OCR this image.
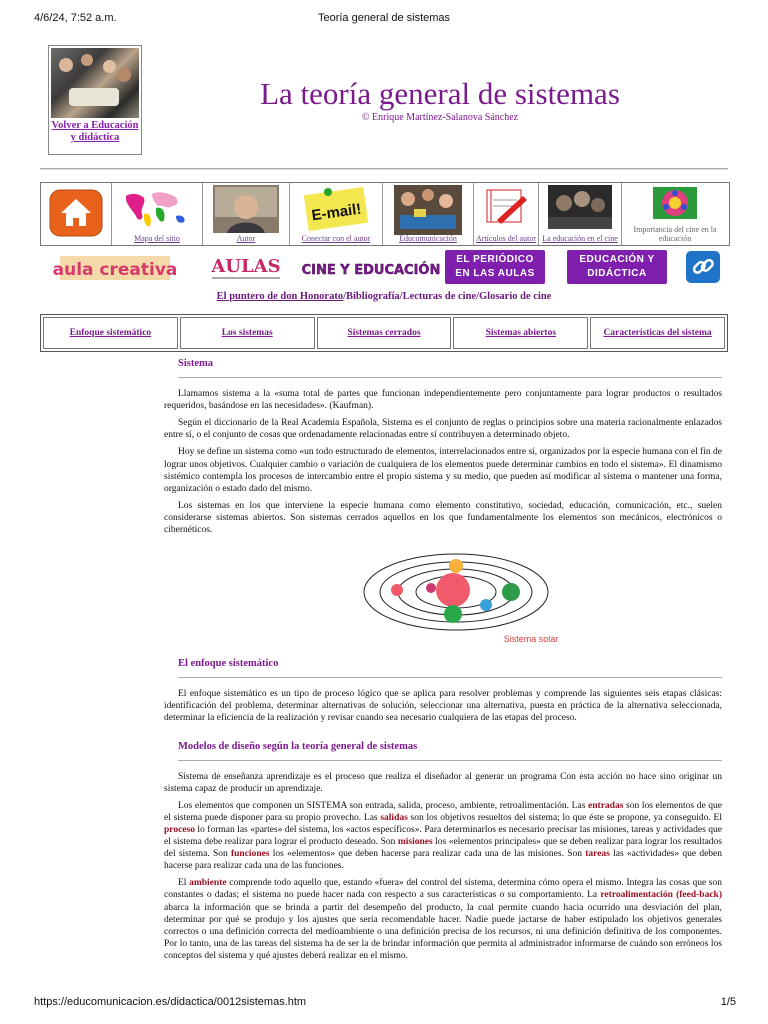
4/6/24, 7:52 a.m.	Teoría general de sistemas
Volver a Educación y didáctica
La teoría general de sistemas
© Enrique Martínez-Salanova Sánchez
Mapa del sitio	Autor
E-mail!
Conectar con el autor	Educomunicación	Artículos del autor La educación en el cine
Importancia del cine en la educación
aula creativa AULAS CINE Y EDUCACIÓN
EL PERIÓDICO
EN LAS AULAS
EDUCACIÓN Y
DIDÁCTICA
El puntero de don Honorato/Bibliografía/Lecturas de cine/Glosario de cine
Enfoque sistemático	Los sistemas	Sistemas cerrados	Sistemas abiertos	Características del sistema
Sistema

Llamamos sistema a la «suma total de partes que funcionan independientemente pero conjuntamente para lograr productos o resultados requeridos, basándose en las necesidades». (Kaufman).

Según el diccionario de la Real Academia Española, Sistema es el conjunto de reglas o principios sobre una materia racionalmente enlazados entre sí, o el conjunto de cosas que ordenadamente relacionadas entre sí contribuyen a determinado objeto.

Hoy se define un sistema como «un todo estructurado de elementos, interrelacionados entre sí, organizados por la especie humana con el fin de lograr unos objetivos. Cualquier cambio o variación de cualquiera de los elementos puede determinar cambios en todo el sistema». El dinamismo sistémico contempla los procesos de intercambio entre el propio sistema y su medio, que pueden así modificar al sistema o mantener una forma, organización o estado dado del mismo.

Los sistemas en los que interviene la especie humana como elemento constitutivo, sociedad, educación, comunicación, etc., suelen considerarse sistemas abiertos. Son sistemas cerrados aquellos en los que fundamentalmente los elementos son mecánicos, electrónicos o cibernéticos.

Sistema solar
El enfoque sistemático

El enfoque sistemático es un tipo de proceso lógico que se aplica para resolver problemas y comprende las siguientes seis etapas clásicas: identificación del problema, determinar alternativas de solución, seleccionar una alternativa, puesta en práctica de la alternativa seleccionada, determinar la eficiencia de la realización y revisar cuando sea necesario cualquiera de las etapas del proceso.

Modelos de diseño según la teoría general de sistemas

Sistema de enseñanza aprendizaje es el proceso que realiza el diseñador al generar un programa Con esta acción no hace sino originar un sistema capaz de producir un aprendizaje.

Los elementos que componen un SISTEMA son entrada, salida, proceso, ambiente, retroalimentación. Las entradas son los elementos de que el sistema puede disponer para su propio provecho. Las salidas son los objetivos resueltos del sistema; lo que éste se propone, ya conseguido. El proceso lo forman las «partes» del sistema, los «actos específicos». Para determinarlos es necesario precisar las misiones, tareas y actividades que el sistema debe realizar para lograr el producto deseado. Son misiones los «elementos principales» que se deben realizar para lograr los resultados del sistema. Son funciones los «elementos» que deben hacerse para realizar cada una de las misiones. Son tareas las «actividades» que deben hacerse para realizar cada una de las funciones.

El ambiente comprende todo aquello que, estando «fuera» del control del sistema, determina cómo opera el mismo. Integra las cosas que son constantes o dadas; el sistema no puede hacer nada con respecto a sus características o su comportamiento. La retroalimentación (feed-back) abarca la información que se brinda a partir del desempeño del producto, la cual permite cuando hacia ocurrido una desviación del plan, determinar por qué se produjo y los ajustes que sería recomendable hacer. Nadie puede jactarse de haber estipulado los objetivos generales correctos o una definición correcta del medioambiente o una definición precisa de los recursos, ni una definición definitiva de los componentes. Por lo tanto, una de las tareas del sistema ha de ser la de brindar información que permita al administrador informarse de cuándo son erróneos los conceptos del sistema y qué ajustes deberá realizar en el mismo.

https://educomunicacion.es/didactica/0012sistemas.htm	1/5
